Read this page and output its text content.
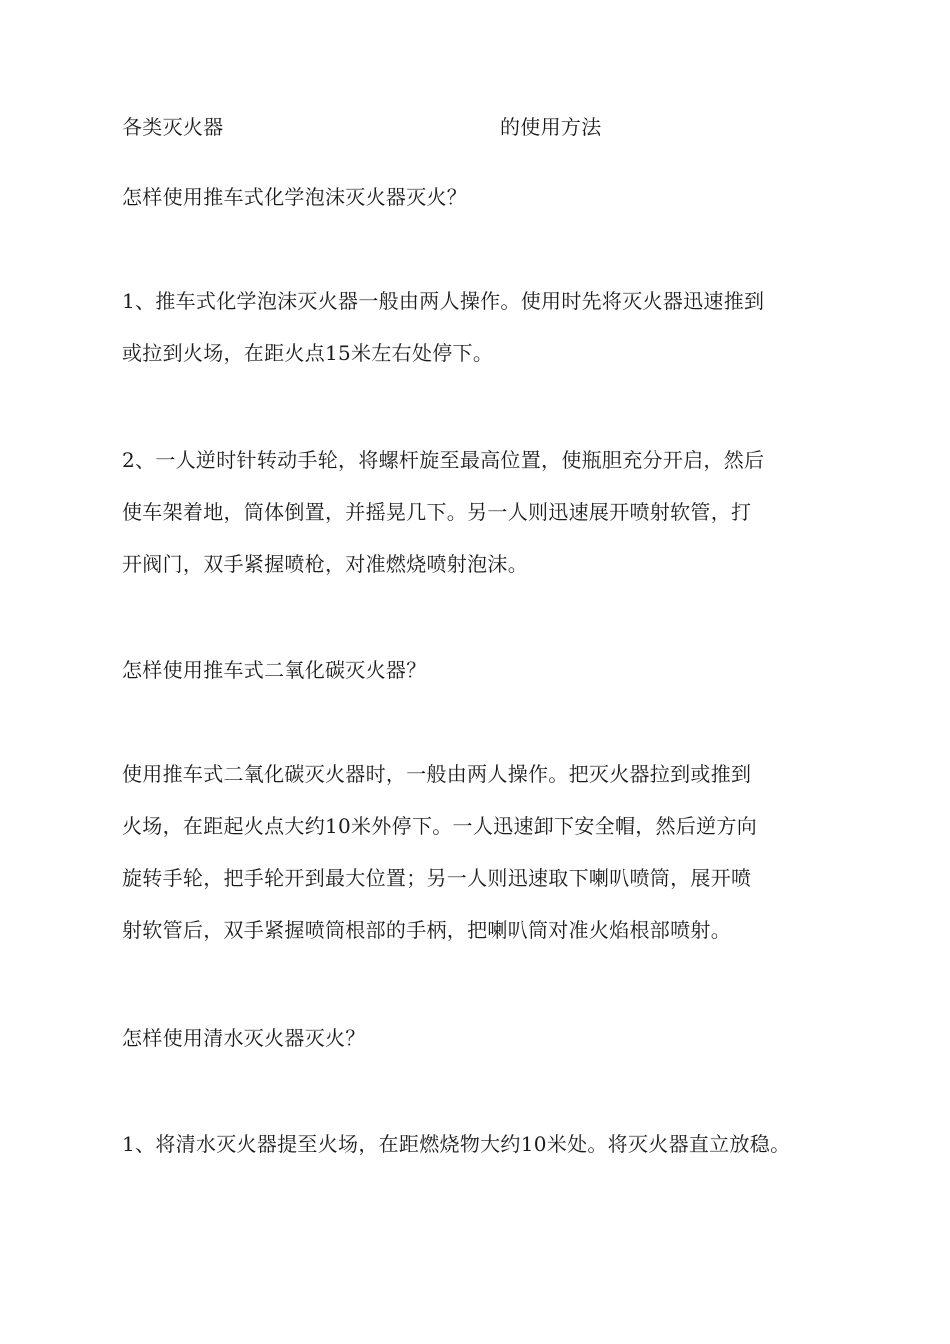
各类灭火器	的使用方法
怎样使用推车式化学泡沫灭火器灭火？
1、推车式化学泡沫灭火器一般由两人操作。使用时先将灭火器迅速推到
或拉到火场，在距火点15米左右处停下。
2、一人逆时针转动手轮，将螺杆旋至最高位置，使瓶胆充分开启，然后
使车架着地，筒体倒置，并摇晃几下。另一人则迅速展开喷射软管，打
开阀门，双手紧握喷枪，对准燃烧喷射泡沫。
怎样使用推车式二氧化碳灭火器？
使用推车式二氧化碳灭火器时，一般由两人操作。把灭火器拉到或推到
火场，在距起火点大约10米外停下。一人迅速卸下安全帽，然后逆方向
旋转手轮，把手轮开到最大位置；另一人则迅速取下喇叭喷筒，展开喷
射软管后，双手紧握喷筒根部的手柄，把喇叭筒对准火焰根部喷射。
怎样使用清水灭火器灭火？
1、将清水灭火器提至火场，在距燃烧物大约10米处。将灭火器直立放稳。
